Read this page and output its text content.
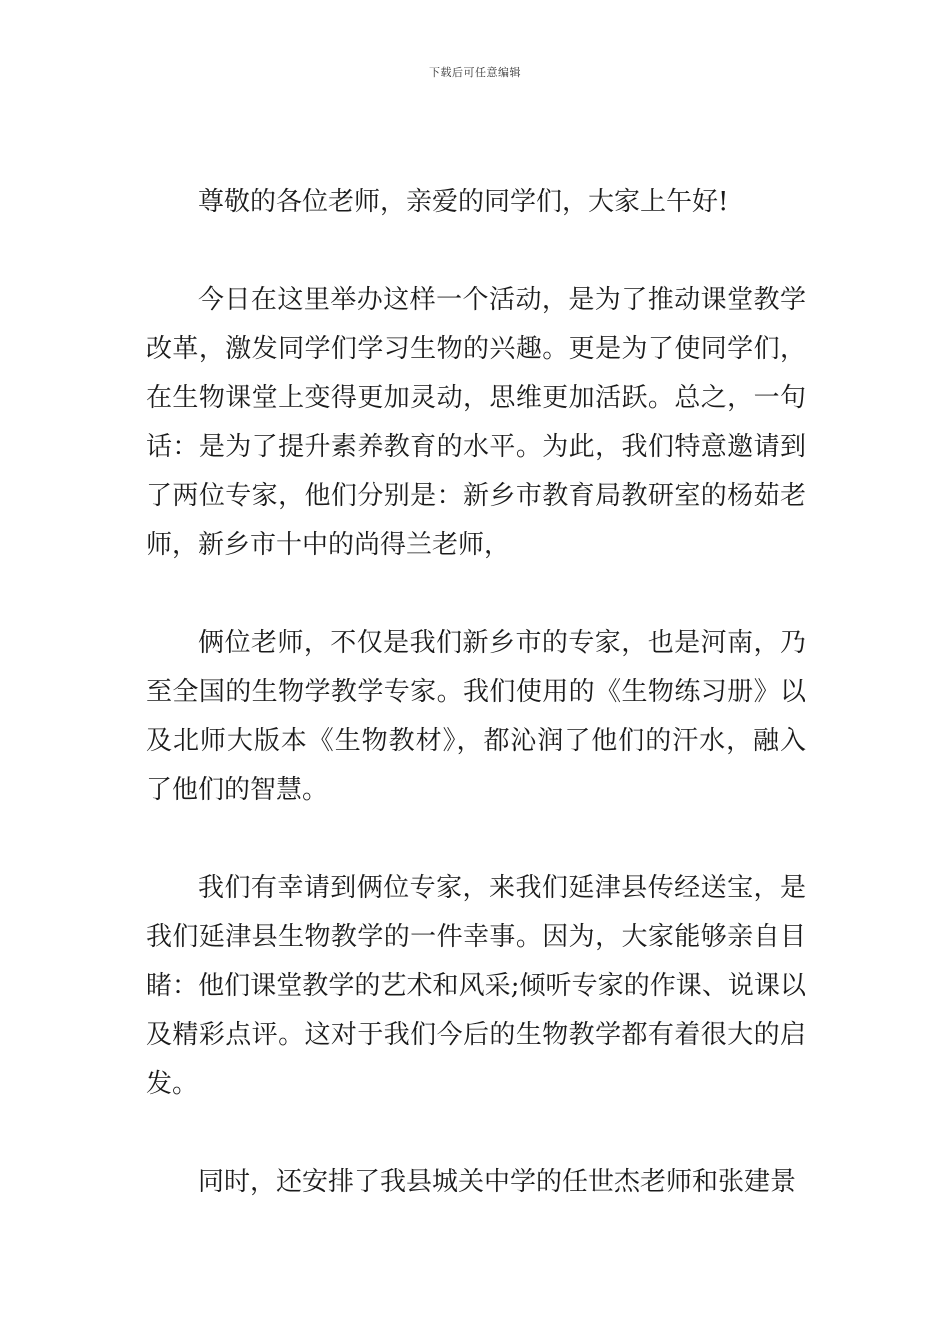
下载后可任意编辑

尊敬的各位老师，亲爱的同学们，大家上午好!

今日在这里举办这样一个活动，是为了推动课堂教学改革，激发同学们学习生物的兴趣。更是为了使同学们，在生物课堂上变得更加灵动，思维更加活跃。总之，一句话：是为了提升素养教育的水平。为此，我们特意邀请到了两位专家，他们分别是：新乡市教育局教研室的杨茹老师，新乡市十中的尚得兰老师，

俩位老师，不仅是我们新乡市的专家，也是河南，乃至全国的生物学教学专家。我们使用的《生物练习册》以及北师大版本《生物教材》，都沁润了他们的汗水，融入了他们的智慧。

我们有幸请到俩位专家，来我们延津县传经送宝，是我们延津县生物教学的一件幸事。因为，大家能够亲自目睹：他们课堂教学的艺术和风采;倾听专家的作课、说课以及精彩点评。这对于我们今后的生物教学都有着很大的启发。

同时，还安排了我县城关中学的任世杰老师和张建景
